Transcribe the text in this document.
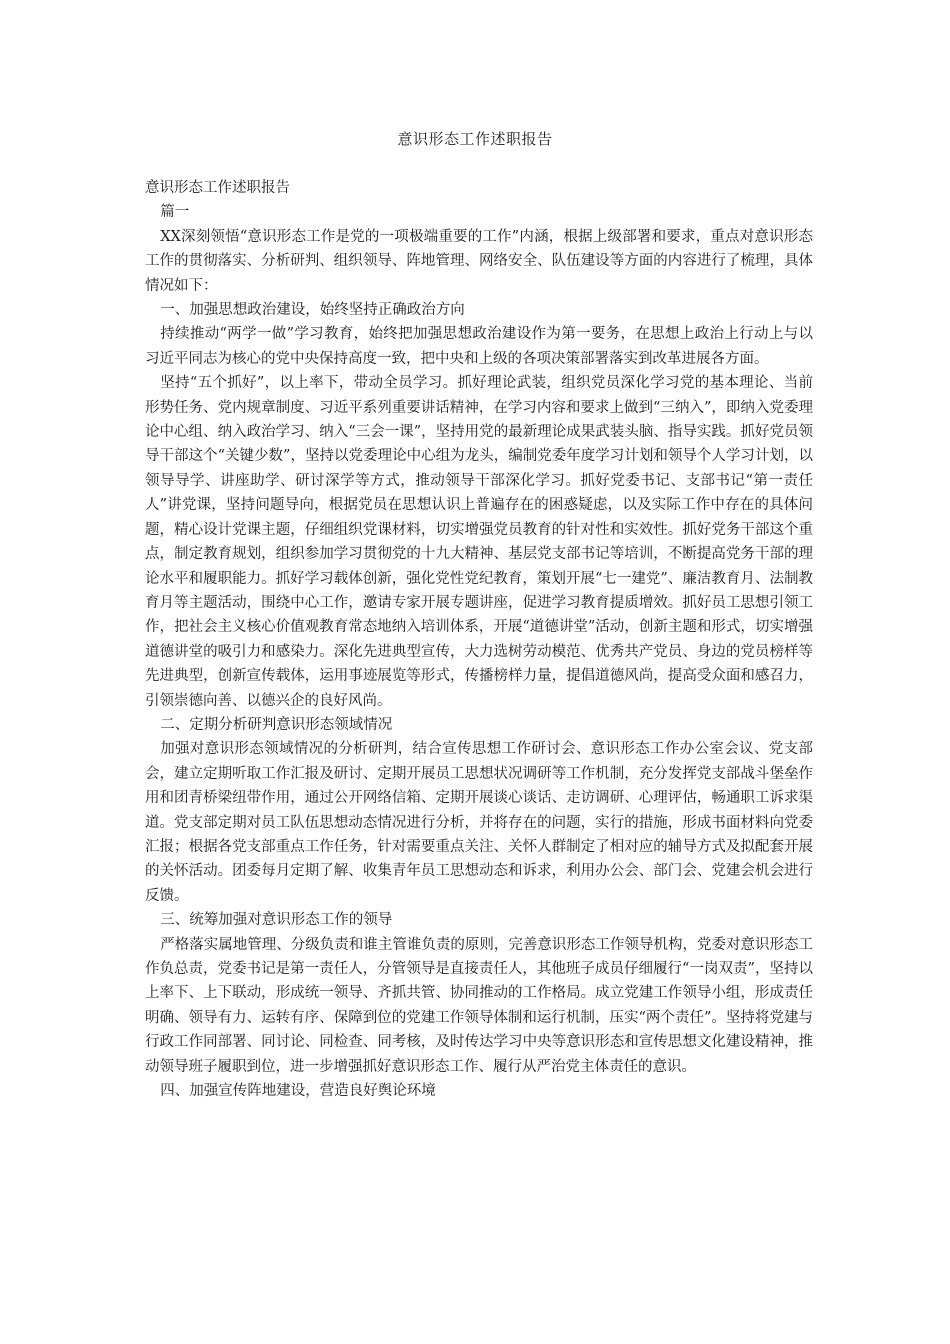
意识形态工作述职报告

意识形态工作述职报告

篇一

XX深刻领悟“意识形态工作是党的一项极端重要的工作”内涵，根据上级部署和要求，重点对意识形态工作的贯彻落实、分析研判、组织领导、阵地管理、网络安全、队伍建设等方面的内容进行了梳理，具体情况如下：

一、加强思想政治建设，始终坚持正确政治方向

持续推动“两学一做”学习教育，始终把加强思想政治建设作为第一要务，在思想上政治上行动上与以习近平同志为核心的党中央保持高度一致，把中央和上级的各项决策部署落实到改革进展各方面。

坚持“五个抓好”，以上率下，带动全员学习。抓好理论武装，组织党员深化学习党的基本理论、当前形势任务、党内规章制度、习近平系列重要讲话精神，在学习内容和要求上做到“三纳入”，即纳入党委理论中心组、纳入政治学习、纳入“三会一课”，坚持用党的最新理论成果武装头脑、指导实践。抓好党员领导干部这个“关键少数”，坚持以党委理论中心组为龙头，编制党委年度学习计划和领导个人学习计划，以领导导学、讲座助学、研讨深学等方式，推动领导干部深化学习。抓好党委书记、支部书记“第一责任人”讲党课，坚持问题导向，根据党员在思想认识上普遍存在的困惑疑虑，以及实际工作中存在的具体问题，精心设计党课主题，仔细组织党课材料，切实增强党员教育的针对性和实效性。抓好党务干部这个重点，制定教育规划，组织参加学习贯彻党的十九大精神、基层党支部书记等培训，不断提高党务干部的理论水平和履职能力。抓好学习载体创新，强化党性党纪教育，策划开展“七一建党”、廉洁教育月、法制教育月等主题活动，围绕中心工作，邀请专家开展专题讲座，促进学习教育提质增效。抓好员工思想引领工作，把社会主义核心价值观教育常态地纳入培训体系，开展“道德讲堂”活动，创新主题和形式，切实增强道德讲堂的吸引力和感染力。深化先进典型宣传，大力选树劳动模范、优秀共产党员、身边的党员榜样等先进典型，创新宣传载体，运用事迹展览等形式，传播榜样力量，提倡道德风尚，提高受众面和感召力，引领崇德向善、以德兴企的良好风尚。

二、定期分析研判意识形态领域情况

加强对意识形态领域情况的分析研判，结合宣传思想工作研讨会、意识形态工作办公室会议、党支部会，建立定期听取工作汇报及研讨、定期开展员工思想状况调研等工作机制，充分发挥党支部战斗堡垒作用和团青桥梁纽带作用，通过公开网络信箱、定期开展谈心谈话、走访调研、心理评估，畅通职工诉求渠道。党支部定期对员工队伍思想动态情况进行分析，并将存在的问题，实行的措施，形成书面材料向党委汇报；根据各党支部重点工作任务，针对需要重点关注、关怀人群制定了相对应的辅导方式及拟配套开展的关怀活动。团委每月定期了解、收集青年员工思想动态和诉求，利用办公会、部门会、党建会机会进行反馈。

三、统筹加强对意识形态工作的领导

严格落实属地管理、分级负责和谁主管谁负责的原则，完善意识形态工作领导机构，党委对意识形态工作负总责，党委书记是第一责任人，分管领导是直接责任人，其他班子成员仔细履行“一岗双责”，坚持以上率下、上下联动，形成统一领导、齐抓共管、协同推动的工作格局。成立党建工作领导小组，形成责任明确、领导有力、运转有序、保障到位的党建工作领导体制和运行机制，压实“两个责任”。坚持将党建与行政工作同部署、同讨论、同检查、同考核，及时传达学习中央等意识形态和宣传思想文化建设精神，推动领导班子履职到位，进一步增强抓好意识形态工作、履行从严治党主体责任的意识。

四、加强宣传阵地建设，营造良好舆论环境
